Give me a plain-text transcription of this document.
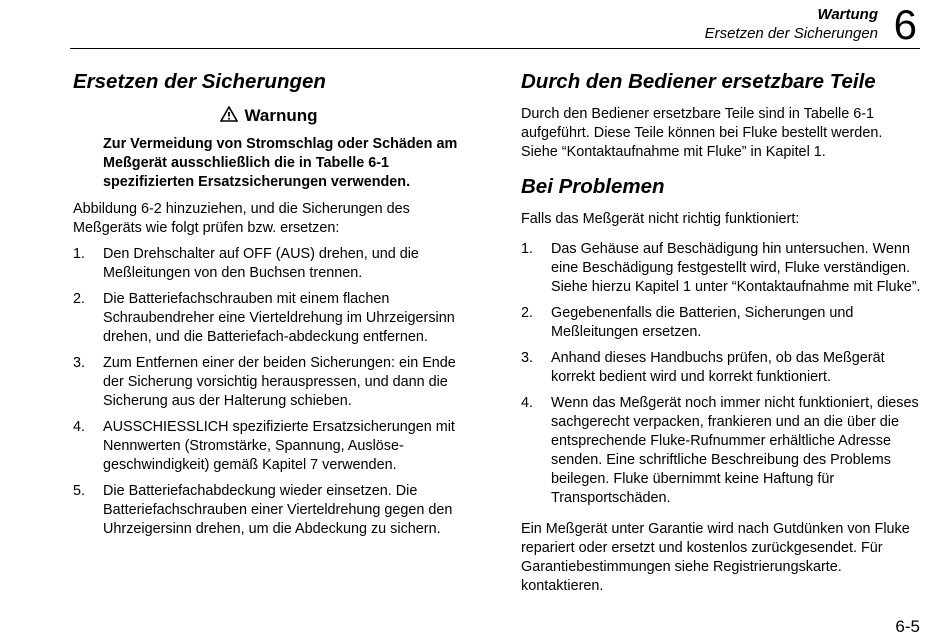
Wartung
Ersetzen der Sicherungen 6
Ersetzen der Sicherungen
Warnung
Zur Vermeidung von Stromschlag oder Schäden am Meßgerät ausschließlich die in Tabelle 6-1 spezifizierten Ersatzsicherungen verwenden.

Abbildung 6-2 hinzuziehen, und die Sicherungen des Meßgeräts wie folgt prüfen bzw. ersetzen:

1.	Den Drehschalter auf OFF (AUS) drehen, und die Meßleitungen von den Buchsen trennen.
2.	Die Batteriefachschrauben mit einem flachen Schraubendreher eine Vierteldrehung im Uhrzeigersinn drehen, und die Batteriefach-abdeckung entfernen.
3.	Zum Entfernen einer der beiden Sicherungen: ein Ende der Sicherung vorsichtig herauspressen, und dann die Sicherung aus der Halterung schieben.
4.	AUSSCHIESSLICH spezifizierte Ersatzsicherungen mit Nennwerten (Stromstärke, Spannung, Auslöse-geschwindigkeit) gemäß Kapitel 7 verwenden.
5.	Die Batteriefachabdeckung wieder einsetzen. Die Batteriefachschrauben einer Vierteldrehung gegen den Uhrzeigersinn drehen, um die Abdeckung zu sichern.
Durch den Bediener ersetzbare Teile

Durch den Bediener ersetzbare Teile sind in Tabelle 6-1 aufgeführt. Diese Teile können bei Fluke bestellt werden. Siehe “Kontaktaufnahme mit Fluke” in Kapitel 1.

Bei Problemen

Falls das Meßgerät nicht richtig funktioniert:

1.	Das Gehäuse auf Beschädigung hin untersuchen. Wenn eine Beschädigung festgestellt wird, Fluke verständigen. Siehe hierzu Kapitel 1 unter “Kontaktaufnahme mit Fluke”.
2.	Gegebenenfalls die Batterien, Sicherungen und Meßleitungen ersetzen.
3.	Anhand dieses Handbuchs prüfen, ob das Meßgerät korrekt bedient wird und korrekt funktioniert.
4.	Wenn das Meßgerät noch immer nicht funktioniert, dieses sachgerecht verpacken, frankieren und an die über die entsprechende Fluke-Rufnummer erhältliche Adresse senden. Eine schriftliche Beschreibung des Problems beilegen. Fluke übernimmt keine Haftung für Transportschäden.

Ein Meßgerät unter Garantie wird nach Gutdünken von Fluke repariert oder ersetzt und kostenlos zurückgesendet. Für Garantiebestimmungen siehe Registrierungskarte. kontaktieren.

6-5
